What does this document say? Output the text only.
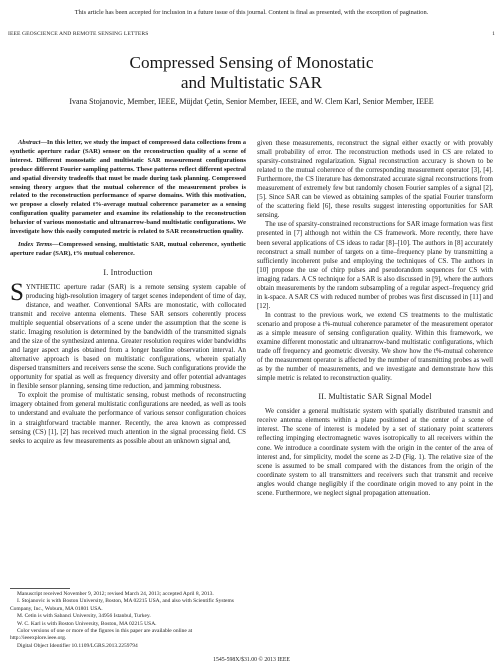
This article has been accepted for inclusion in a future issue of this journal. Content is final as presented, with the exception of pagination.
IEEE GEOSCIENCE AND REMOTE SENSING LETTERS	1
Compressed Sensing of Monostatic
and Multistatic SAR
Ivana Stojanovic, Member, IEEE, Müjdat Çetin, Senior Member, IEEE, and W. Clem Karl, Senior Member, IEEE

Abstract—In this letter, we study the impact of compressed data collections from a synthetic aperture radar (SAR) sensor on the reconstruction quality of a scene of interest. Different monostatic and multistatic SAR measurement configurations produce different Fourier sampling patterns. These patterns reflect different spectral and spatial diversity tradeoffs that must be made during task planning. Compressed sensing theory argues that the mutual coherence of the measurement probes is related to the reconstruction performance of sparse domains. With this motivation, we propose a closely related t%-average mutual coherence parameter as a sensing configuration quality parameter and examine its relationship to the reconstruction behavior of various monostatic and ultranarrow-band multistatic configurations. We investigate how this easily computed metric is related to SAR reconstruction quality.

Index Terms—Compressed sensing, multistatic SAR, mutual coherence, synthetic aperture radar (SAR), t% mutual coherence.

I. Introduction

SYNTHETIC aperture radar (SAR) is a remote sensing system capable of producing high-resolution imagery of target scenes independent of time of day, distance, and weather. Conventional SARs are monostatic, with collocated transmit and receive antenna elements. These SAR sensors coherently process multiple sequential observations of a scene under the assumption that the scene is static. Imaging resolution is determined by the bandwidth of the transmitted signals and the size of the synthesized antenna. Greater resolution requires wider bandwidths and larger aspect angles obtained from a longer baseline observation interval. An alternative approach is based on multistatic configurations, wherein spatially dispersed transmitters and receivers sense the scene. Such configurations provide the opportunity for spatial as well as frequency diversity and offer potential advantages in flexible sensor planning, sensing time reduction, and jamming robustness.

To exploit the promise of multistatic sensing, robust methods of reconstructing imagery obtained from general multistatic configurations are needed, as well as tools to understand and evaluate the performance of various sensor configuration choices in a straightforward tractable manner. Recently, the area known as compressed sensing (CS) [1], [2] has received much attention in the signal processing field. CS seeks to acquire as few measurements as possible about an unknown signal and,

Manuscript received November 9, 2012; revised March 24, 2013; accepted April 8, 2013.

I. Stojanovic is with Boston University, Boston, MA 02215 USA, and also with Scientific Systems Company, Inc., Woburn, MA 01801 USA.

M. Cetin is with Sabanci University, 34956 Istanbul, Turkey.

W. C. Karl is with Boston University, Boston, MA 02215 USA.

Color versions of one or more of the figures in this paper are available online at http://ieeexplore.ieee.org.

Digital Object Identifier 10.1109/LGRS.2013.2259794

given these measurements, reconstruct the signal either exactly or with provably small probability of error. The reconstruction methods used in CS are related to sparsity-constrained regularization. Signal reconstruction accuracy is shown to be related to the mutual coherence of the corresponding measurement operator [3], [4]. Furthermore, the CS literature has demonstrated accurate signal reconstructions from measurement of extremely few but randomly chosen Fourier samples of a signal [2], [5]. Since SAR can be viewed as obtaining samples of the spatial Fourier transform of the scattering field [6], these results suggest interesting opportunities for SAR sensing.

The use of sparsity-constrained reconstructions for SAR image formation was first presented in [7] although not within the CS framework. More recently, there have been several applications of CS ideas to radar [8]–[10]. The authors in [8] accurately reconstruct a small number of targets on a time–frequency plane by transmitting a sufficiently incoherent pulse and employing the techniques of CS. The authors in [10] propose the use of chirp pulses and pseudorandom sequences for CS with imaging radars. A CS technique for a SAR is also discussed in [9], where the authors obtain measurements by the random subsampling of a regular aspect–frequency grid in k-space. A SAR CS with reduced number of probes was first discussed in [11] and [12].

In contrast to the previous work, we extend CS treatments to the multistatic scenario and propose a t%-mutual coherence parameter of the measurement operator as a simple measure of sensing configuration quality. Within this framework, we examine different monostatic and ultranarrow-band multistatic configurations, which trade off frequency and geometric diversity. We show how the t%-mutual coherence of the measurement operator is affected by the number of transmitting probes as well as by the number of measurements, and we investigate and demonstrate how this simple metric is related to reconstruction quality.

II. Multistatic SAR Signal Model

We consider a general multistatic system with spatially distributed transmit and receive antenna elements within a plane positioned at the center of a scene of interest. The scene of interest is modeled by a set of stationary point scatterers reflecting impinging electromagnetic waves isotropically to all receivers within the cone. We introduce a coordinate system with the origin in the center of the area of interest and, for simplicity, model the scene as 2-D (Fig. 1). The relative size of the scene is assumed to be small compared with the distances from the origin of the coordinate system to all transmitters and receivers such that transmit and receive angles would change negligibly if the coordinate origin moved to any point in the scene. Furthermore, we neglect signal propagation attenuation.

1545-598X/$31.00 © 2013 IEEE
